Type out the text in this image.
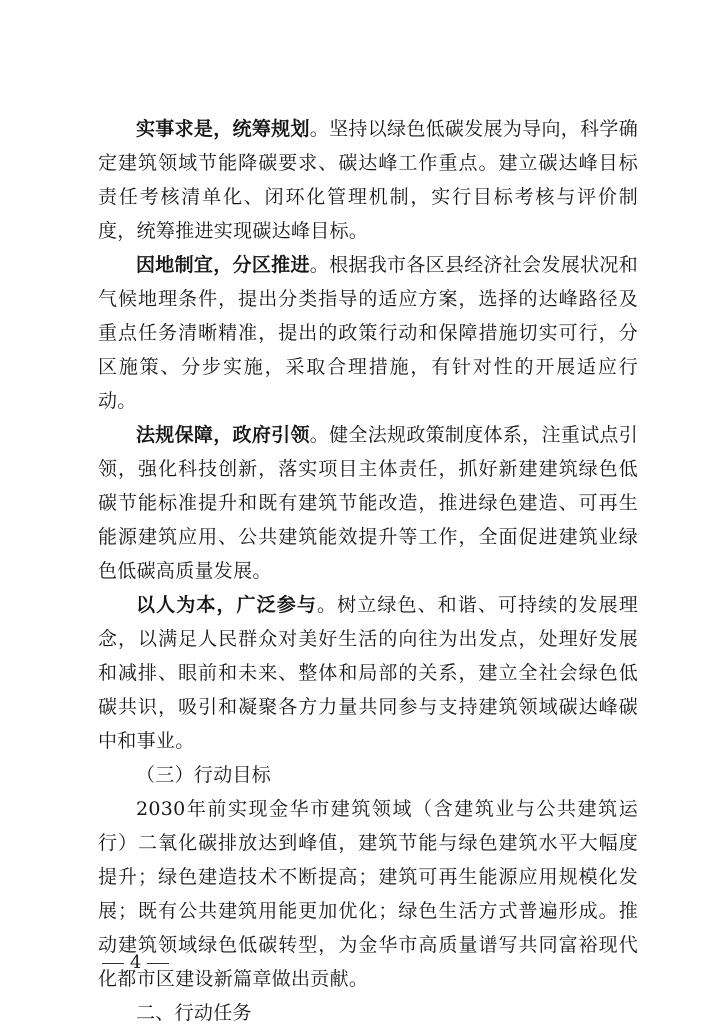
实事求是，统筹规划。坚持以绿色低碳发展为导向，科学确定建筑领域节能降碳要求、碳达峰工作重点。建立碳达峰目标责任考核清单化、闭环化管理机制，实行目标考核与评价制度，统筹推进实现碳达峰目标。

因地制宜，分区推进。根据我市各区县经济社会发展状况和气候地理条件，提出分类指导的适应方案，选择的达峰路径及重点任务清晰精准，提出的政策行动和保障措施切实可行，分区施策、分步实施，采取合理措施，有针对性的开展适应行动。

法规保障，政府引领。健全法规政策制度体系，注重试点引领，强化科技创新，落实项目主体责任，抓好新建建筑绿色低碳节能标准提升和既有建筑节能改造，推进绿色建造、可再生能源建筑应用、公共建筑能效提升等工作，全面促进建筑业绿色低碳高质量发展。

以人为本，广泛参与。树立绿色、和谐、可持续的发展理念，以满足人民群众对美好生活的向往为出发点，处理好发展和减排、眼前和未来、整体和局部的关系，建立全社会绿色低碳共识，吸引和凝聚各方力量共同参与支持建筑领域碳达峰碳中和事业。

（三）行动目标

2030年前实现金华市建筑领域（含建筑业与公共建筑运行）二氧化碳排放达到峰值，建筑节能与绿色建筑水平大幅度提升；绿色建造技术不断提高；建筑可再生能源应用规模化发展；既有公共建筑用能更加优化；绿色生活方式普遍形成。推动建筑领域绿色低碳转型，为金华市高质量谱写共同富裕现代化都市区建设新篇章做出贡献。

二、行动任务

4
